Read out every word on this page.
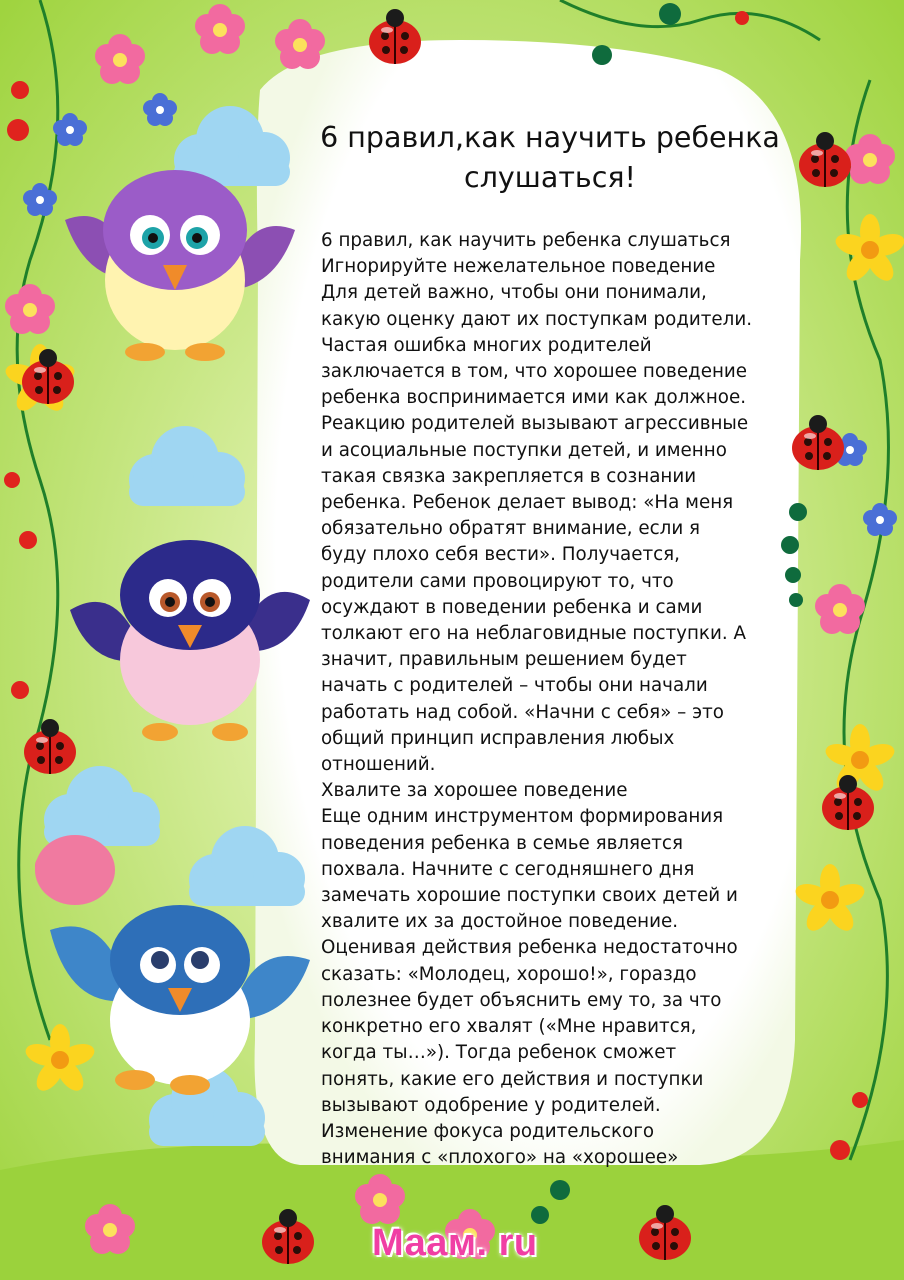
6 правил,как научить ребенка
слушаться!
6 правил, как научить ребенка слушаться
Игнорируйте нежелательное поведение
Для детей важно, чтобы они понимали,
какую оценку дают их поступкам родители.
Частая ошибка многих родителей
заключается в том, что хорошее поведение
ребенка воспринимается ими как должное.
Реакцию родителей вызывают агрессивные
и асоциальные поступки детей, и именно
такая связка закрепляется в сознании
ребенка. Ребенок делает вывод: «На меня
обязательно обратят внимание, если я
буду плохо себя вести». Получается,
родители сами провоцируют то, что
осуждают в поведении ребенка и сами
толкают его на неблаговидные поступки. А
значит, правильным решением будет
начать с родителей – чтобы они начали
работать над собой. «Начни с себя» – это
общий принцип исправления любых
отношений.
Хвалите за хорошее поведение
Еще одним инструментом формирования
поведения ребенка в семье является
похвала. Начните с сегодняшнего дня
замечать хорошие поступки своих детей и
хвалите их за достойное поведение.
Оценивая действия ребенка недостаточно
сказать: «Молодец, хорошо!», гораздо
полезнее будет объяснить ему то, за что
конкретно его хвалят («Мне нравится,
когда ты…»). Тогда ребенок сможет
понять, какие его действия и поступки
вызывают одобрение у родителей.
Изменение фокуса родительского
внимания с «плохого» на «хорошее»
Маам. ru
